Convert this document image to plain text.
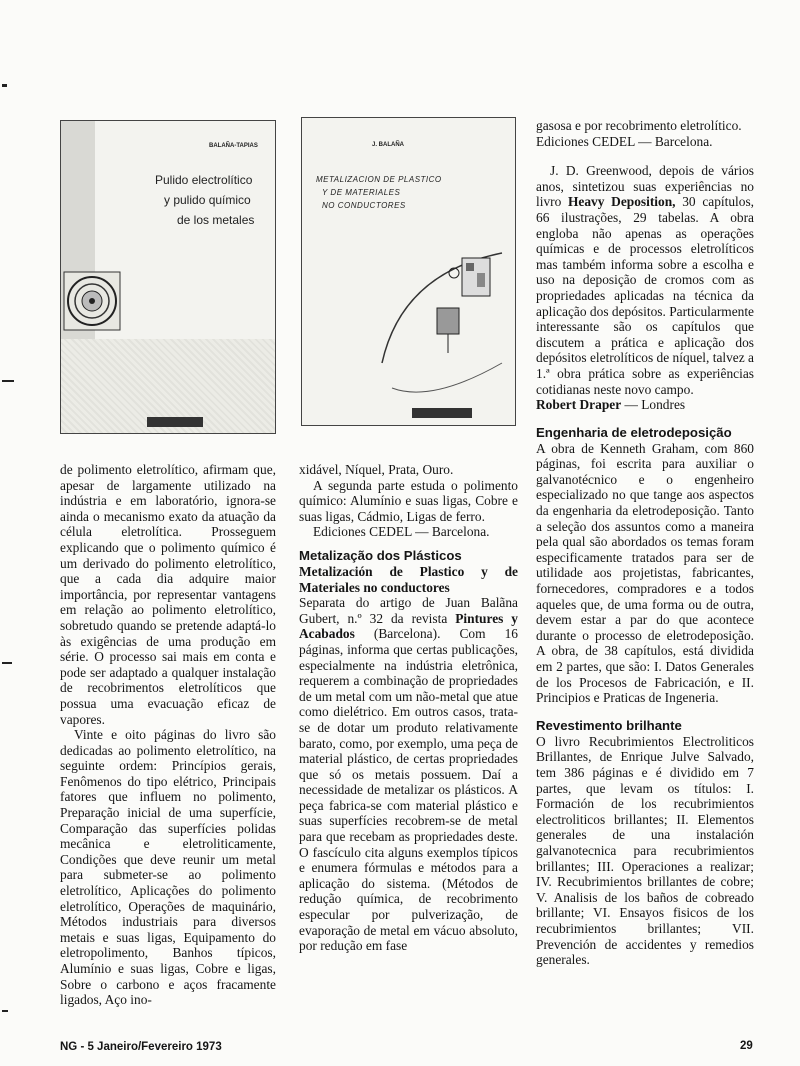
BALAÑA-TAPIAS
Pulido electrolítico
y pulido químico
de los metales
J. BALAÑA
METALIZACION DE PLASTICO
Y DE MATERIALES
NO CONDUCTORES

de polimento eletrolítico, afirmam que, apesar de largamente utilizado na indústria e em laboratório, ignora-se ainda o mecanismo exato da atuação da célula eletrolítica. Prosseguem explicando que o polimento químico é um derivado do polimento eletrolítico, que a cada dia adquire maior importância, por representar vantagens em relação ao polimento eletrolítico, sobretudo quando se pretende adaptá-lo às exigências de uma produção em série. O processo sai mais em conta e pode ser adaptado a qualquer instalação de recobrimentos eletrolíticos que possua uma evacuação eficaz de vapores.

Vinte e oito páginas do livro são dedicadas ao polimento eletrolítico, na seguinte ordem: Princípios gerais, Fenômenos do tipo elétrico, Principais fatores que influem no polimento, Preparação inicial de uma superfície, Comparação das superfícies polidas mecânica e eletroliticamente, Condições que deve reunir um metal para submeter-se ao polimento eletrolítico, Aplicações do polimento eletrolítico, Operações de maquinário, Métodos industriais para diversos metais e suas ligas, Equipamento do eletropolimento, Banhos típicos, Alumínio e suas ligas, Cobre e ligas, Sobre o carbono e aços fracamente ligados, Aço ino-

xidável, Níquel, Prata, Ouro.

A segunda parte estuda o polimento químico: Alumínio e suas ligas, Cobre e suas ligas, Cádmio, Ligas de ferro.

Ediciones CEDEL — Barcelona.

Metalização dos Plásticos

Metalización de Plastico y de Materiales no conductores

Separata do artigo de Juan Balãna Gubert, n.º 32 da revista Pintures y Acabados (Barcelona). Com 16 páginas, informa que certas publicações, especialmente na indústria eletrônica, requerem a combinação de propriedades de um metal com um não-metal que atue como dielétrico. Em outros casos, trata-se de dotar um produto relativamente barato, como, por exemplo, uma peça de material plástico, de certas propriedades que só os metais possuem. Daí a necessidade de metalizar os plásticos. A peça fabrica-se com material plástico e suas superfícies recobrem-se de metal para que recebam as propriedades deste. O fascículo cita alguns exemplos típicos e enumera fórmulas e métodos para a aplicação do sistema. (Métodos de redução química, de recobrimento especular por pulverização, de evaporação de metal em vácuo absoluto, por redução em fase

gasosa e por recobrimento eletrolítico.

Ediciones CEDEL — Barcelona.

J. D. Greenwood, depois de vários anos, sintetizou suas experiências no livro Heavy Deposition, 30 capítulos, 66 ilustrações, 29 tabelas. A obra engloba não apenas as operações químicas e de processos eletrolíticos mas também informa sobre a escolha e uso na deposição de cromos com as propriedades aplicadas na técnica da aplicação dos depósitos. Particularmente interessante são os capítulos que discutem a prática e aplicação dos depósitos eletrolíticos de níquel, talvez a 1.ª obra prática sobre as experiências cotidianas neste novo campo.

Robert Draper — Londres

Engenharia de eletrodeposição

A obra de Kenneth Graham, com 860 páginas, foi escrita para auxiliar o galvanotécnico e o engenheiro especializado no que tange aos aspectos da engenharia da eletrodeposição. Tanto a seleção dos assuntos como a maneira pela qual são abordados os temas foram especificamente tratados para ser de utilidade aos projetistas, fabricantes, fornecedores, compradores e a todos aqueles que, de uma forma ou de outra, devem estar a par do que acontece durante o processo de eletrodeposição. A obra, de 38 capítulos, está dividida em 2 partes, que são: I. Datos Generales de los Procesos de Fabricación, e II. Principios e Praticas de Ingeneria.

Revestimento brilhante

O livro Recubrimientos Electroliticos Brillantes, de Enrique Julve Salvado, tem 386 páginas e é dividido em 7 partes, que levam os títulos: I. Formación de los recubrimientos electroliticos brillantes; II. Elementos generales de una instalación galvanotecnica para recubrimientos brillantes; III. Operaciones a realizar; IV. Recubrimientos brillantes de cobre; V. Analisis de los baños de cobreado brillante; VI. Ensayos fisicos de los recubrimientos brillantes; VII. Prevención de accidentes y remedios generales.

NG - 5 Janeiro/Fevereiro 1973	29
